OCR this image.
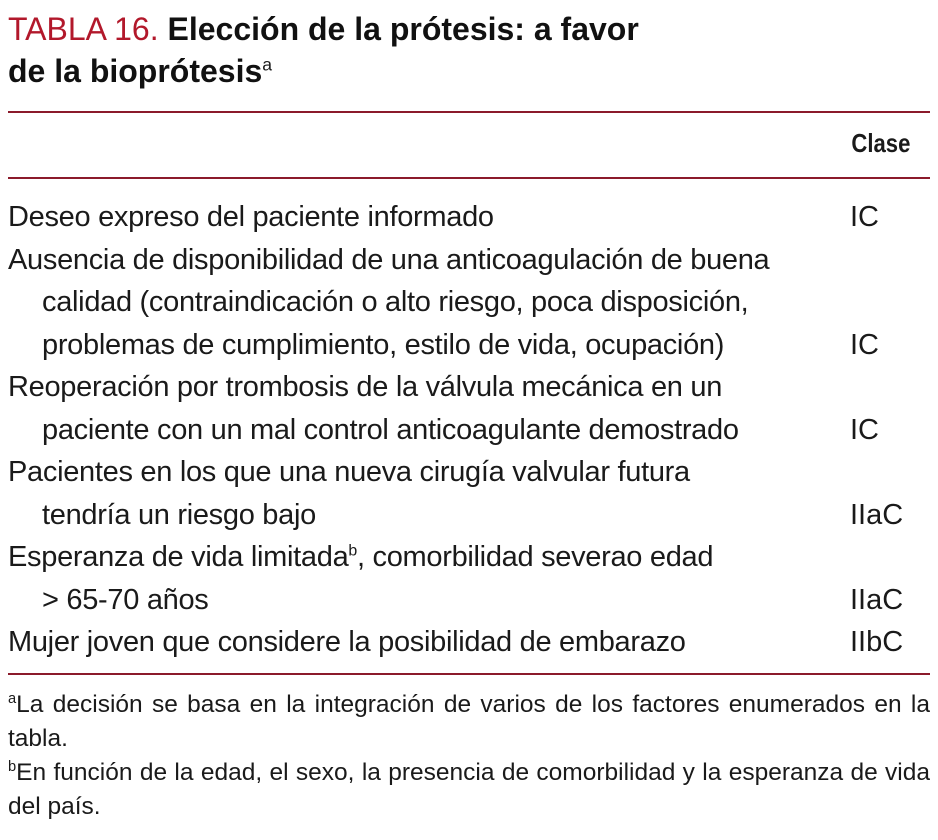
TABLA 16. Elección de la prótesis: a favor
de la bioprótesis$^a$
Clase
Deseo expreso del paciente informado	IC
Ausencia de disponibilidad de una anticoagulación de buena
calidad (contraindicación o alto riesgo, poca disposición,
problemas de cumplimiento, estilo de vida, ocupación)	IC
Reoperación por trombosis de la válvula mecánica en un
paciente con un mal control anticoagulante demostrado	IC
Pacientes en los que una nueva cirugía valvular futura
tendría un riesgo bajo	IIaC
Esperanza de vida limitada$^b$, comorbilidad severao edad
> 65-70 años	IIaC
Mujer joven que considere la posibilidad de embarazo	IIbC

$^a$La decisión se basa en la integración de varios de los factores enumerados en la tabla.

$^b$En función de la edad, el sexo, la presencia de comorbilidad y la esperanza de vida del país.
